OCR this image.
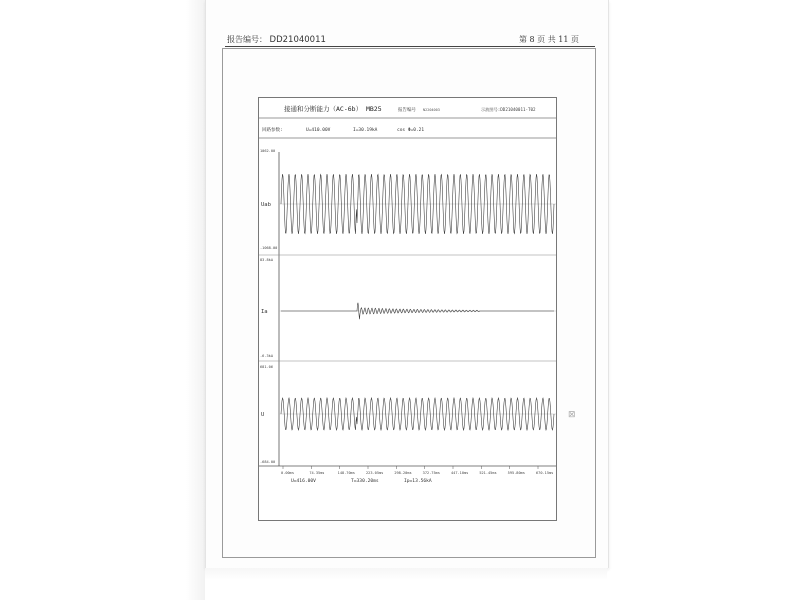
报告编号： DD21040011	第 8 页 共 11 页
接通和分断能力（AC-6b） MB25	报告编号 N2204003	示波图号:DD21040011-T02
回路参数:	U=410.00V	I=30.19kA	cos Φ=0.21
1062.00
-1068.00
83.8kA
-6.3kA
681.06
-684.00
Uab
Ia
U
0.00ms	74.35ms	148.70ms	223.05ms	298.20ms	372.75ms	447.10ms	521.45ms	595.80ms	670.15ms
U=416.00V	T=330.20ms	Ip=13.56kA
⊠
